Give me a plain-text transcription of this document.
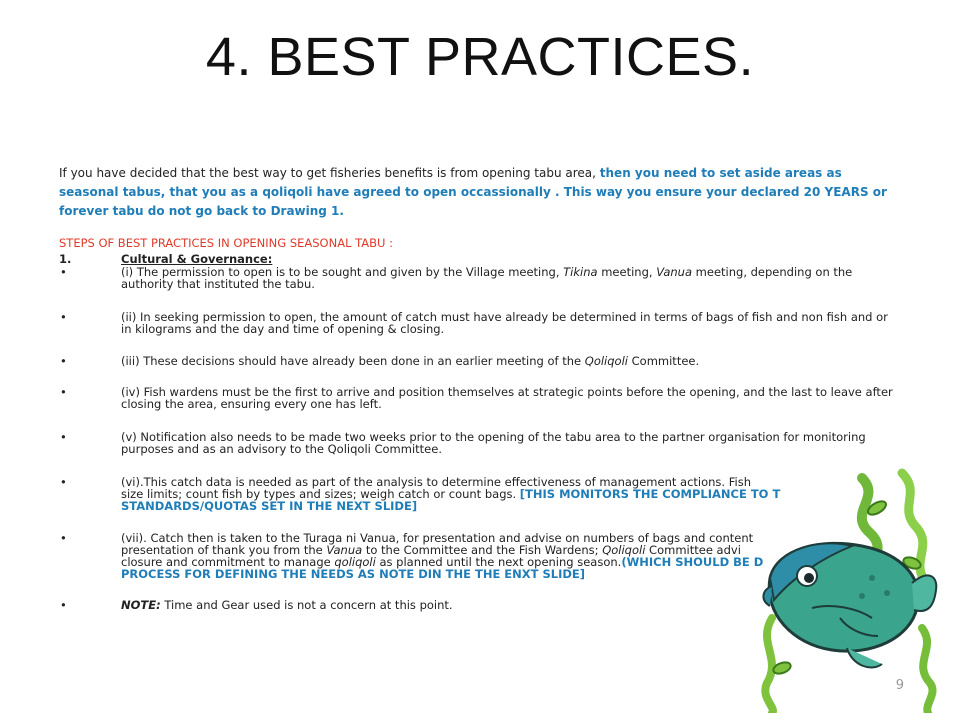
4. BEST PRACTICES.
If you have decided that the best way to get fisheries benefits is from opening tabu area, then you need to set aside areas as seasonal tabus, that you as a qoliqoli have agreed to open occassionally . This way you ensure your declared 20 YEARS or forever tabu do not go back to Drawing 1.
STEPS OF BEST PRACTICES IN OPENING SEASONAL TABU :
1.	Cultural & Governance:
•	(i) The permission to open is to be sought and given by the Village meeting, Tikina meeting, Vanua meeting, depending on the authority that instituted the tabu.
•	(ii) In seeking permission to open, the amount of catch must have already be determined in terms of bags of fish and non fish and or in kilograms and the day and time of opening & closing.
•	(iii) These decisions should have already been done in an earlier meeting of the Qoliqoli Committee.
•	(iv) Fish wardens must be the first to arrive and position themselves at strategic points before the opening, and the last to leave after closing the area, ensuring every one has left.
•	(v) Notification also needs to be made two weeks prior to the opening of the tabu area to the partner organisation for monitoring purposes and as an advisory to the Qoliqoli Committee.
•	(vi).This catch data is needed as part of the analysis to determine effectiveness of management actions. Fish
size limits; count fish by types and sizes; weigh catch or count bags. [THIS MONITORS THE COMPLIANCE TO T
STANDARDS/QUOTAS SET IN THE NEXT SLIDE]
•	(vii). Catch then is taken to the Turaga ni Vanua, for presentation and advise on numbers of bags and content
presentation of thank you from the Vanua to the Committee and the Fish Wardens; Qoliqoli Committee advi
closure and commitment to manage qoliqoli as planned until the next opening season.(WHICH SHOULD BE D
PROCESS FOR DEFINING THE NEEDS AS NOTE DIN THE THE ENXT SLIDE]
•	NOTE: Time and Gear used is not a concern at this point.
9
